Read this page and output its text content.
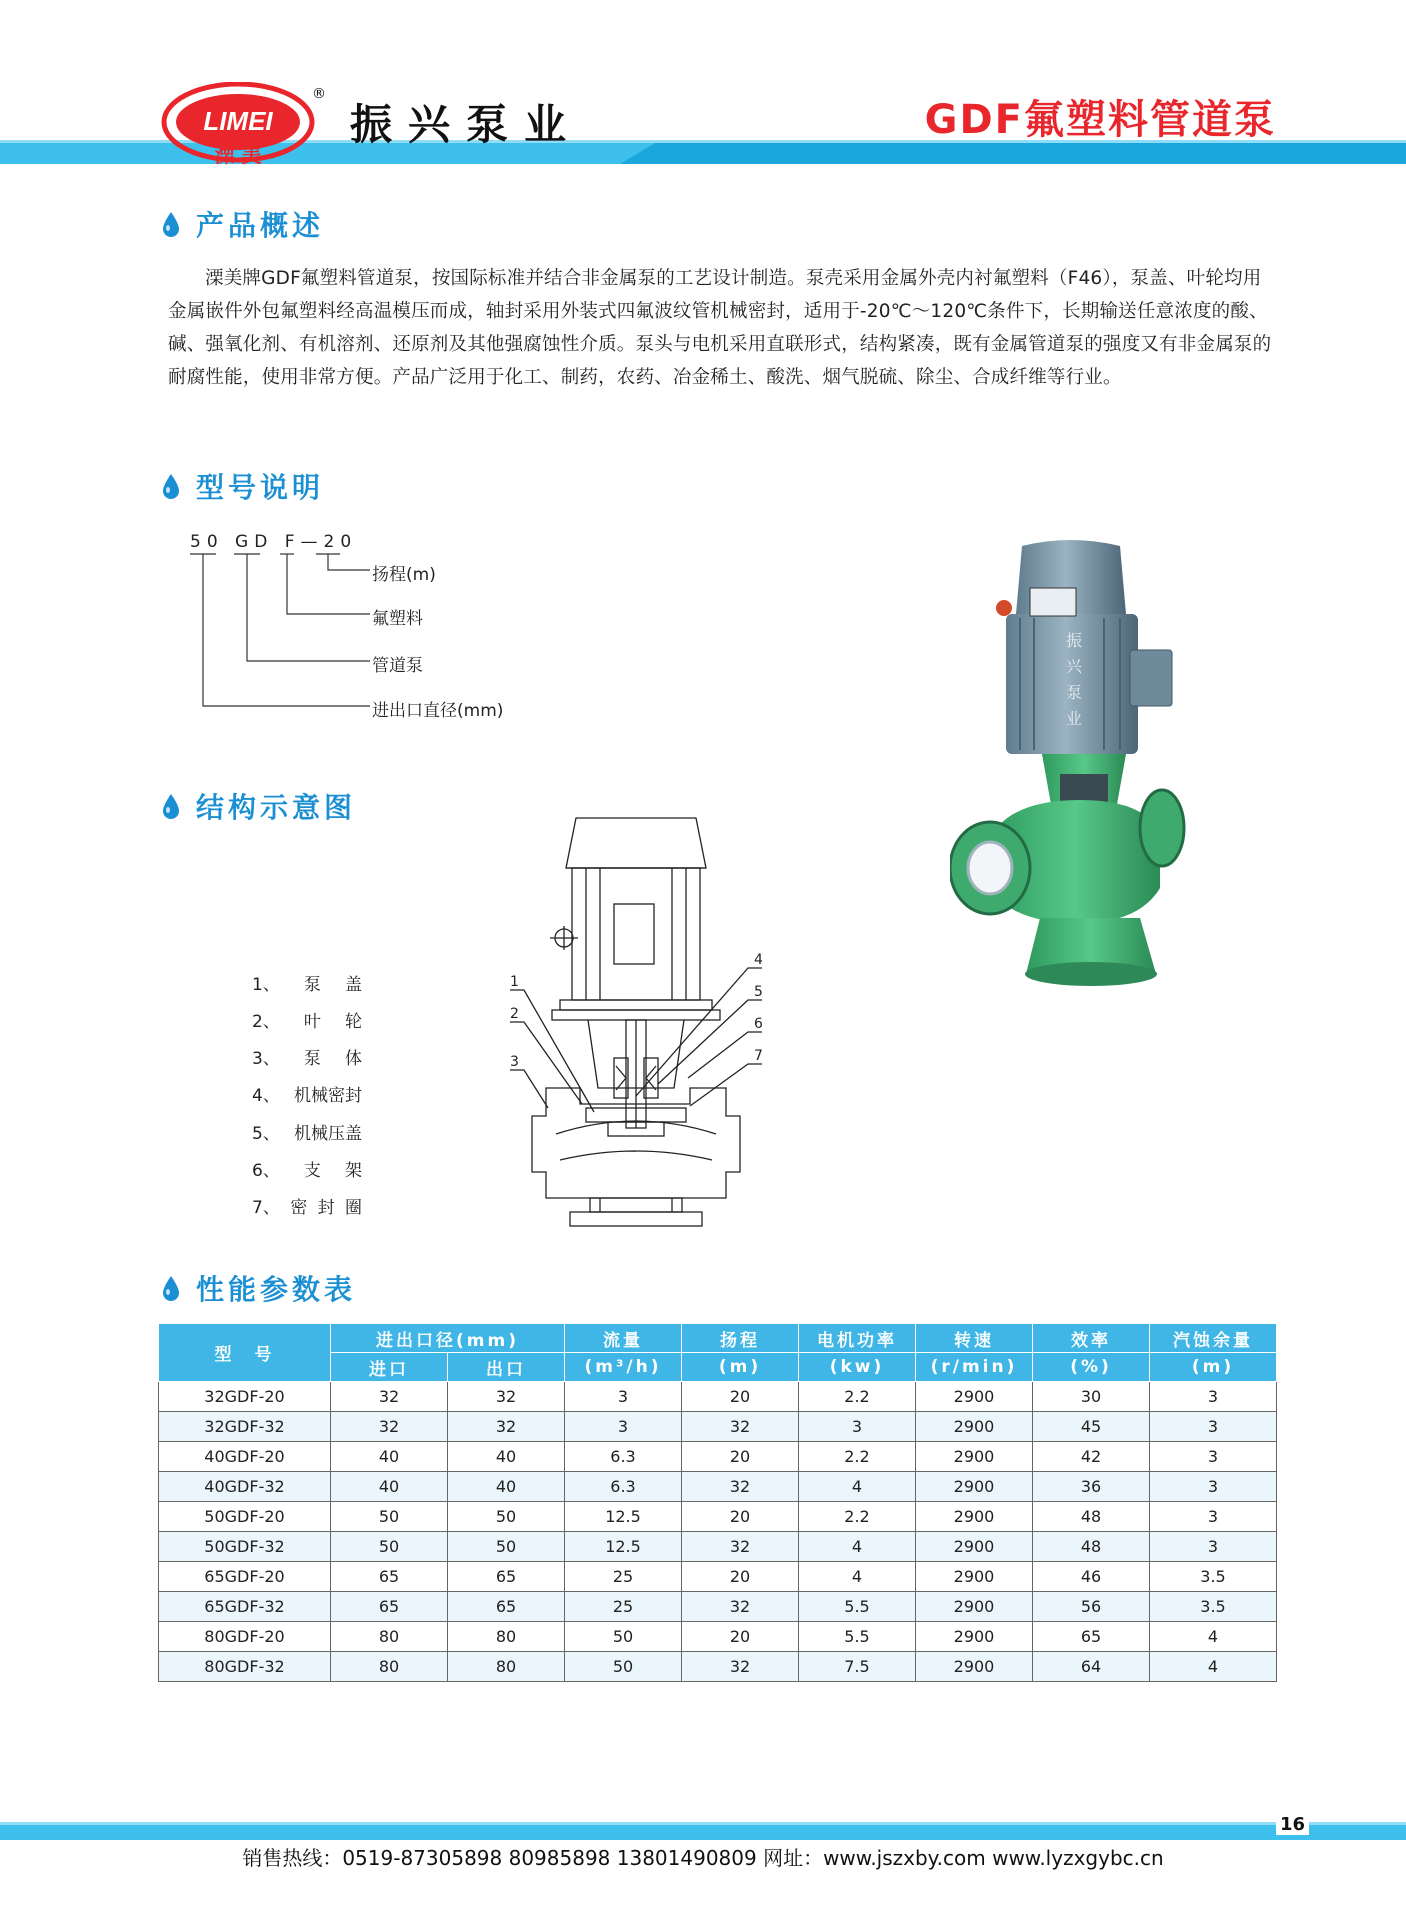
LIMEI
溧 美
®
振兴泵业	GDF氟塑料管道泵
产品概述
溧美牌GDF氟塑料管道泵，按国际标准并结合非金属泵的工艺设计制造。泵壳采用金属外壳内衬氟塑料（F46），泵盖、叶轮均用金属嵌件外包氟塑料经高温模压而成，轴封采用外装式四氟波纹管机械密封，适用于-20℃～120℃条件下，长期输送任意浓度的酸、碱、强氧化剂、有机溶剂、还原剂及其他强腐蚀性介质。泵头与电机采用直联形式，结构紧凑，既有金属管道泵的强度又有非金属泵的耐腐性能，使用非常方便。产品广泛用于化工、制药，农药、冶金稀土、酸洗、烟气脱硫、除尘、合成纤维等行业。
型号说明
50 GD F—20
扬程(m)
氟塑料
管道泵
进出口直径(mm)
振
兴
泵
业
结构示意图
1、 泵 盖
2、 叶 轮
3、 泵 体
4、 机械密封
5、 机械压盖
6、 支 架
7、 密 封 圈
1
2
3
4
5
6
7
性能参数表
型　号	进出口径(mm)		流量	扬程	电机功率	转速	效率	汽蚀余量
	进口	出口	(m³/h)	(m)	(kw)	(r/min)	(%)	(m)
32GDF-20	32	32	3	20	2.2	2900	30	3
32GDF-32	32	32	3	32	3	2900	45	3
40GDF-20	40	40	6.3	20	2.2	2900	42	3
40GDF-32	40	40	6.3	32	4	2900	36	3
50GDF-20	50	50	12.5	20	2.2	2900	48	3
50GDF-32	50	50	12.5	32	4	2900	48	3
65GDF-20	65	65	25	20	4	2900	46	3.5
65GDF-32	65	65	25	32	5.5	2900	56	3.5
80GDF-20	80	80	50	20	5.5	2900	65	4
80GDF-32	80	80	50	32	7.5	2900	64	4
16
销售热线：0519-87305898 80985898 13801490809 网址：www.jszxby.com www.lyzxgybc.cn
